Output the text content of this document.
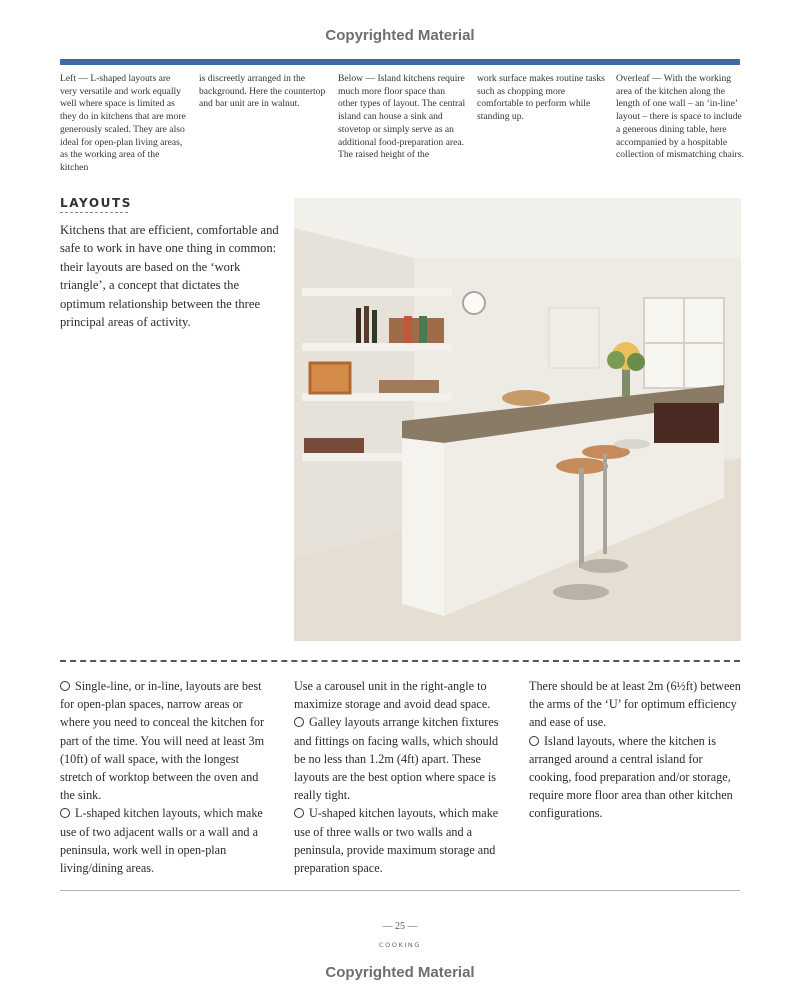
Copyrighted Material
Left — L-shaped layouts are very versatile and work equally well where space is limited as they do in kitchens that are more generously scaled. They are also ideal for open-plan living areas, as the working area of the kitchen
is discreetly arranged in the background. Here the countertop and bar unit are in walnut.
Below — Island kitchens require much more floor space than other types of layout. The central island can house a sink and stovetop or simply serve as an additional food-preparation area. The raised height of the
work surface makes routine tasks such as chopping more comfortable to perform while standing up.
Overleaf — With the working area of the kitchen along the length of one wall – an ‘in-line’ layout – there is space to include a generous dining table, here accompanied by a hospitable collection of mismatching chairs.
LAYOUTS
Kitchens that are efficient, comfortable and safe to work in have one thing in common: their layouts are based on the ‘work triangle’, a concept that dictates the optimum relationship between the three principal areas of activity.

Single-line, or in-line, layouts are best for open-plan spaces, narrow areas or where you need to conceal the kitchen for part of the time. You will need at least 3m (10ft) of wall space, with the longest stretch of worktop between the oven and the sink.

L-shaped kitchen layouts, which make use of two adjacent walls or a wall and a peninsula, work well in open-plan living/dining areas.

Use a carousel unit in the right-angle to maximize storage and avoid dead space.

Galley layouts arrange kitchen fixtures and fittings on facing walls, which should be no less than 1.2m (4ft) apart. These layouts are the best option where space is really tight.

U-shaped kitchen layouts, which make use of three walls or two walls and a peninsula, provide maximum storage and preparation space.

There should be at least 2m (6½ft) between the arms of the ‘U’ for optimum efficiency and ease of use.

Island layouts, where the kitchen is arranged around a central island for cooking, food preparation and/or storage, require more floor area than other kitchen configurations.

— 25 —
COOKING
Copyrighted Material
